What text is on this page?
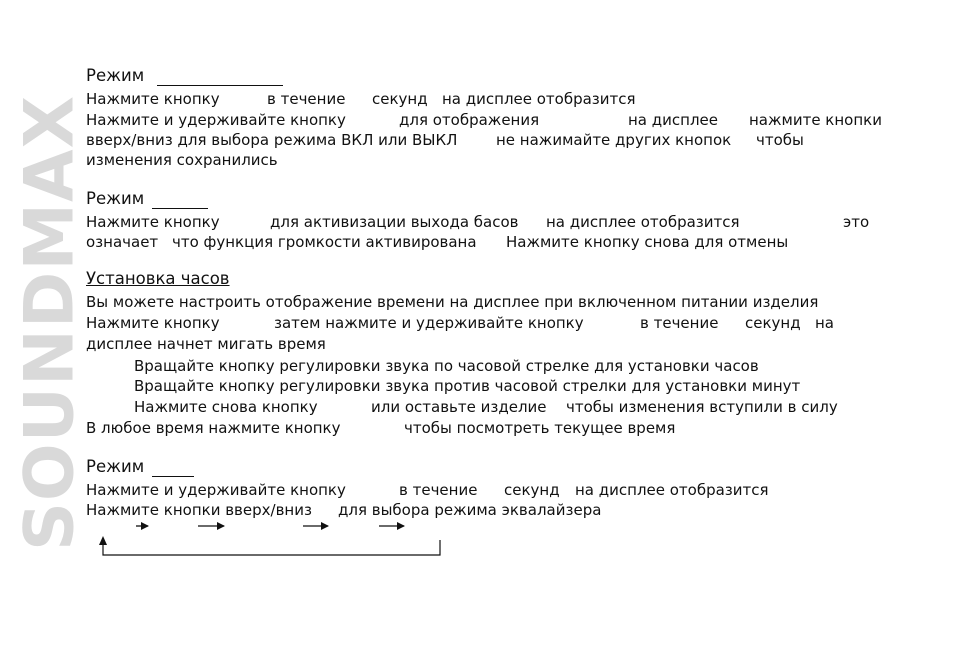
SOUNDMAX
Режим
Нажмите кнопку	в течение секунд на дисплее отобразится
Нажмите и удерживайте кнопку	для отображения	на дисплее нажмите кнопки
вверх/вниз для выбора режима ВКЛ или ВЫКЛ	не нажимайте других кнопок чтобы
изменения сохранились
Режим
Нажмите кнопку	для активизации выхода басов на дисплее отобразится	это
означает что функция громкости активирована Нажмите кнопку снова для отмены
Установка часов
Вы можете настроить отображение времени на дисплее при включенном питании изделия
Нажмите кнопку	затем нажмите и удерживайте кнопку	в течение секунд на
дисплее начнет мигать время
Вращайте кнопку регулировки звука по часовой стрелке для установки часов
Вращайте кнопку регулировки звука против часовой стрелки для установки минут
Нажмите снова кнопку	или оставьте изделие чтобы изменения вступили в силу
В любое время нажмите кнопку	чтобы посмотреть текущее время
Режим
Нажмите и удерживайте кнопку	в течение секунд на дисплее отобразится
Нажмите кнопки вверх/вниз для выбора режима эквалайзера
